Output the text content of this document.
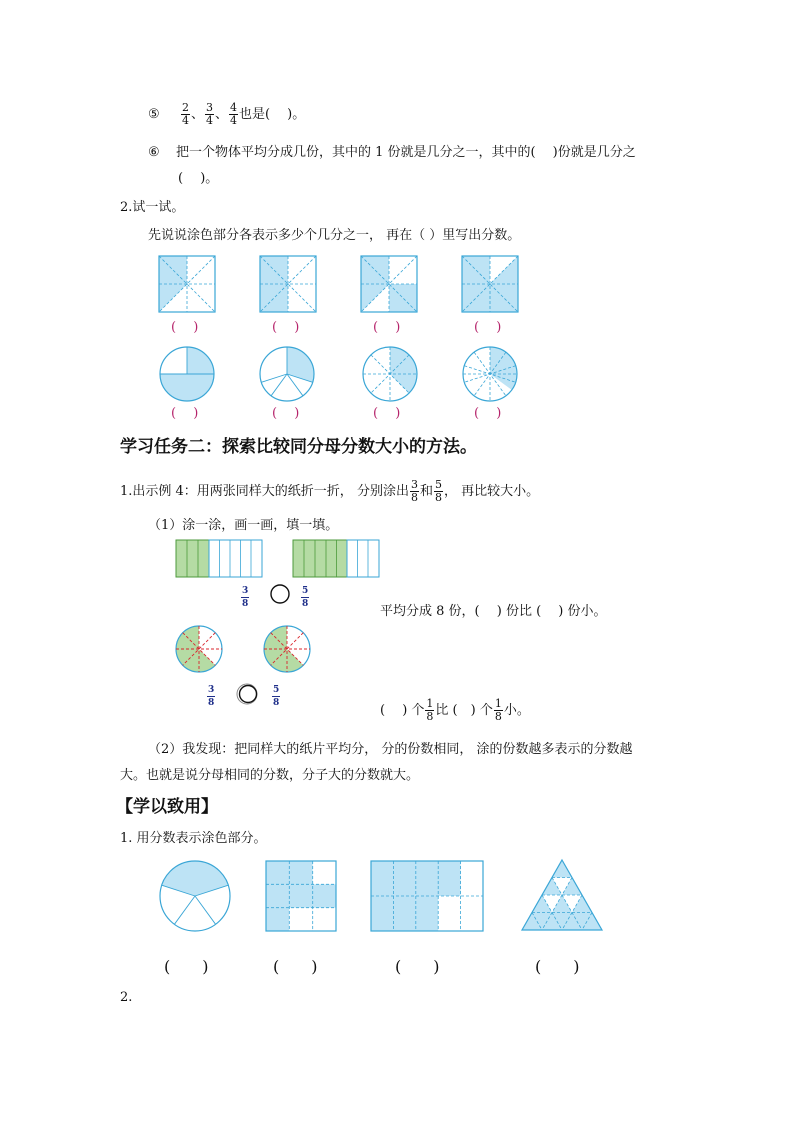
⑤ $\frac{2}{4}$ 、 $\frac{3}{4}$ 、 $\frac{4}{4}$ 也是(　 )。
⑥ 把一个物体平均分成几份，其中的 1 份就是几分之一，其中的(　 )份就是几分之
(　 )。
2.试一试。
先说说涂色部分各表示多少个几分之一， 再在（ ）里写出分数。
(　 )	(　 )	(　 )	(　 )
(　 )	(　 )	(　 )	(　 )
学习任务二：探索比较同分母分数大小的方法。
1.出示例 4：用两张同样大的纸折一折， 分别涂出 $\frac{3}{8}$ 和 $\frac{5}{8}$ ， 再比较大小。
（1）涂一涂，画一画，填一填。
$\frac{3}{8}$	$\frac{5}{8}$
$\frac{3}{8}$	$\frac{5}{8}$
平均分成 8 份，(　 ) 份比 (　 ) 份小。
(　 ) 个 $\frac{1}{8}$ 比 (　) 个 $\frac{1}{8}$ 小。
（2）我发现：把同样大的纸片平均分， 分的份数相同， 涂的份数越多表示的分数越
大。也就是说分母相同的分数，分子大的分数就大。
【学以致用】
1. 用分数表示涂色部分。
(　　)	(　　)	(　　)	(　　)
2.
